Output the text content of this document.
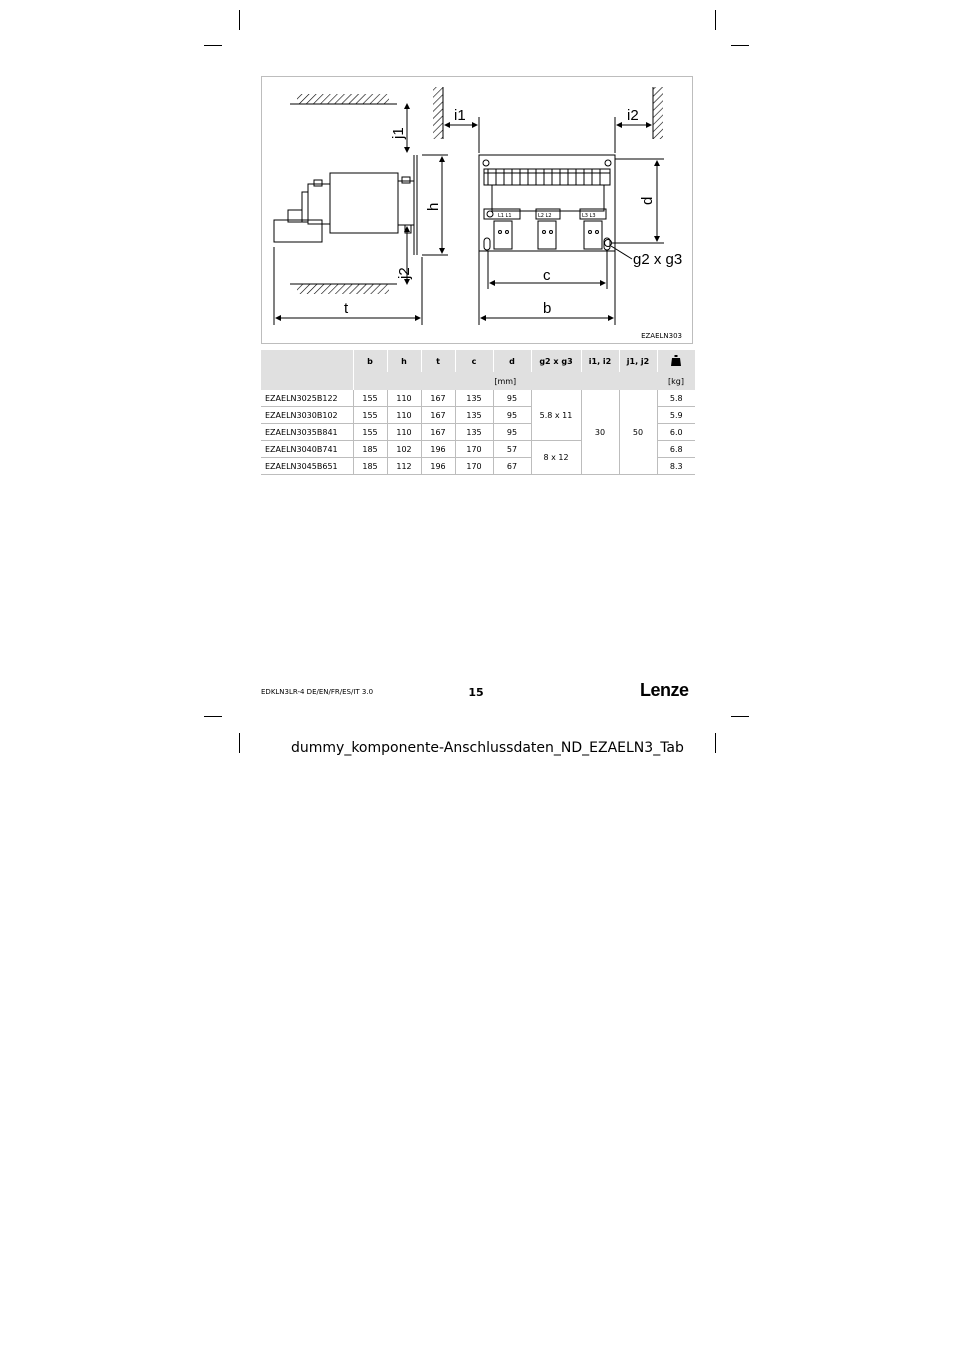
j1
j2
h
t
i1	i2
L1 L1	L2 L2	L3 L3
d
g2 x g3
c
b
EZAELN303
	b	h	t	c	d	g2 x g3	i1, i2	j1, j2	
	[mm]								[kg]
EZAELN3025B122	155	110	167	135	95	5.8 x 11	30	50	5.8
EZAELN3030B102	155	110	167	135	95				5.9
EZAELN3035B841	155	110	167	135	95				6.0
EZAELN3040B741	185	102	196	170	57	8 x 12			6.8
EZAELN3045B651	185	112	196	170	67				8.3
EDKLN3LR-4 DE/EN/FR/ES/IT 3.0	15	Lenze
dummy_komponente-Anschlussdaten_ND_EZAELN3_Tab
